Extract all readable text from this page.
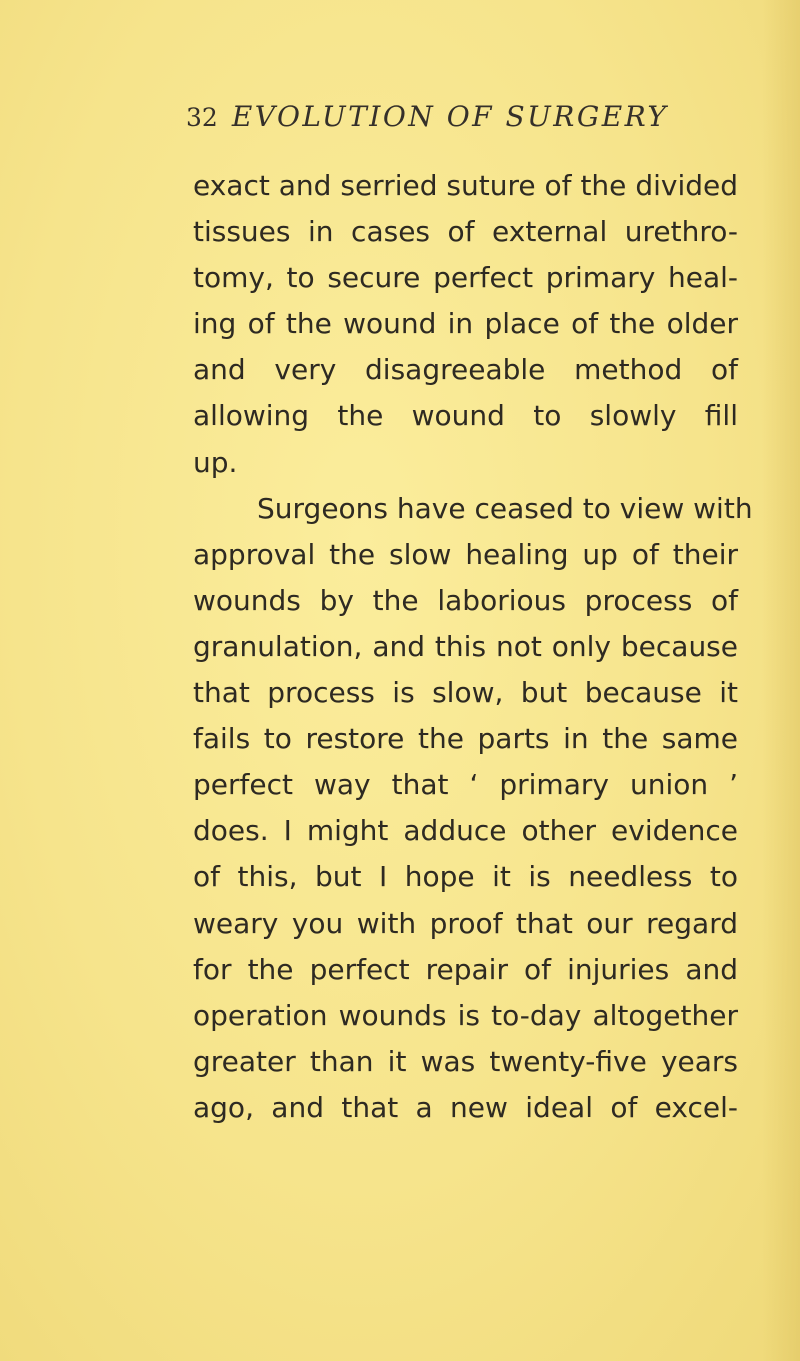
32 EVOLUTION OF SURGERY
exact and serried suture of the divided
tissues in cases of external urethro-
tomy, to secure perfect primary heal-
ing of the wound in place of the older
and very disagreeable method of
allowing the wound to slowly fill
up.
Surgeons have ceased to view with
approval the slow healing up of their
wounds by the laborious process of
granulation, and this not only because
that process is slow, but because it
fails to restore the parts in the same
perfect way that ‘ primary union ’
does. I might adduce other evidence
of this, but I hope it is needless to
weary you with proof that our regard
for the perfect repair of injuries and
operation wounds is to-day altogether
greater than it was twenty-five years
ago, and that a new ideal of excel-
